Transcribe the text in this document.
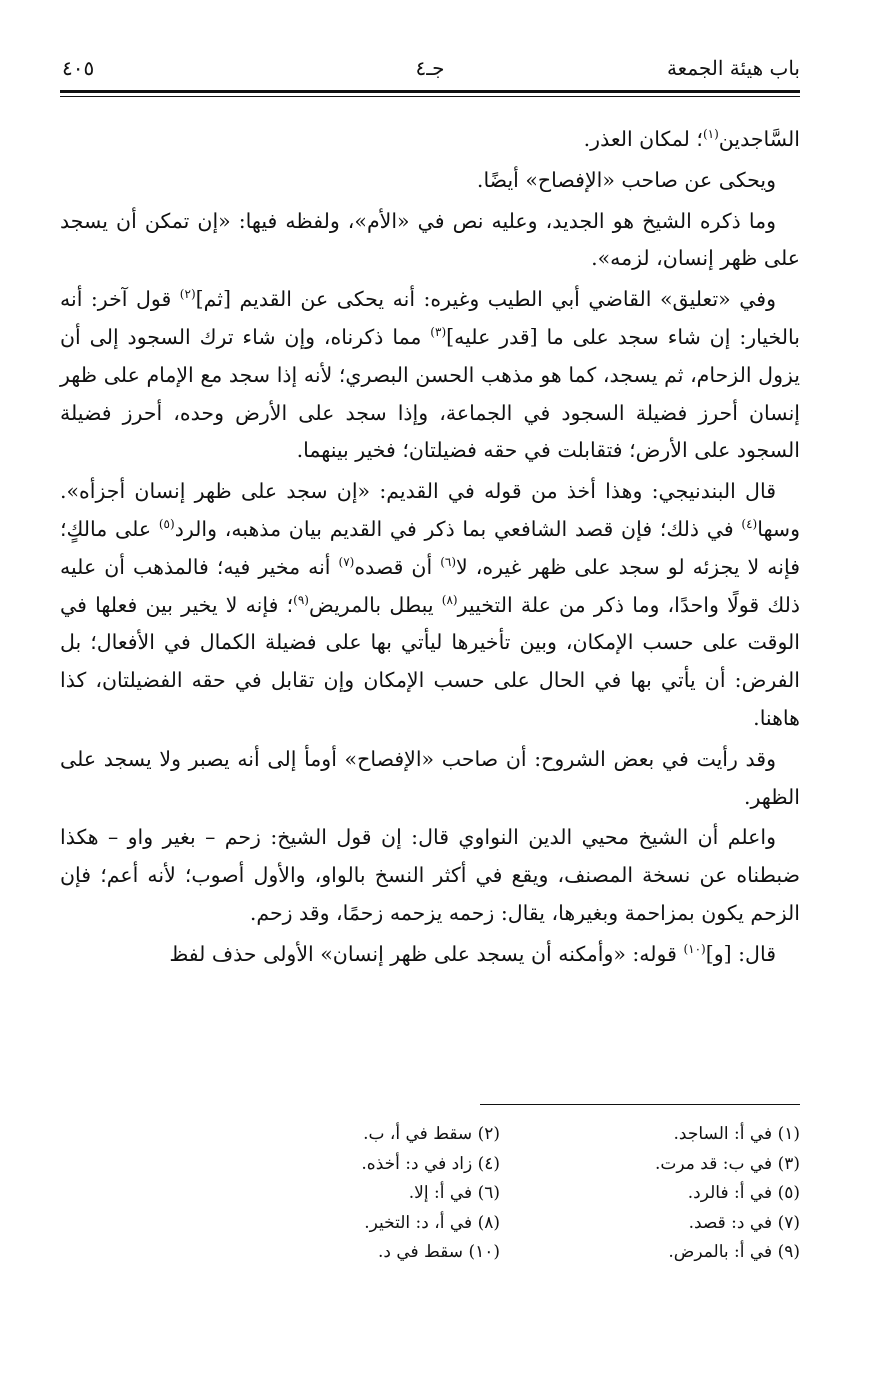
باب هيئة الجمعة
جـ٤
٤٠٥

السَّاجدين$^{(١)}$؛ لمكان العذر.

ويحكى عن صاحب «الإفصاح» أيضًا.

وما ذكره الشيخ هو الجديد، وعليه نص في «الأم»، ولفظه فيها: «إن تمكن أن يسجد على ظهر إنسان، لزمه».

وفي «تعليق» القاضي أبي الطيب وغيره: أنه يحكى عن القديم [ثم]$^{(٢)}$ قول آخر: أنه بالخيار: إن شاء سجد على ما [قدر عليه]$^{(٣)}$ مما ذكرناه، وإن شاء ترك السجود إلى أن يزول الزحام، ثم يسجد، كما هو مذهب الحسن البصري؛ لأنه إذا سجد مع الإمام على ظهر إنسان أحرز فضيلة السجود في الجماعة، وإذا سجد على الأرض وحده، أحرز فضيلة السجود على الأرض؛ فتقابلت في حقه فضيلتان؛ فخير بينهما.

قال البندنيجي: وهذا أخذ من قوله في القديم: «إن سجد على ظهر إنسان أجزأه». وسها$^{(٤)}$ في ذلك؛ فإن قصد الشافعي بما ذكر في القديم بيان مذهبه، والرد$^{(٥)}$ على مالكٍ؛ فإنه لا يجزئه لو سجد على ظهر غيره، لا$^{(٦)}$ أن قصده$^{(٧)}$ أنه مخير فيه؛ فالمذهب أن عليه ذلك قولًا واحدًا، وما ذكر من علة التخيير$^{(٨)}$ يبطل بالمريض$^{(٩)}$؛ فإنه لا يخير بين فعلها في الوقت على حسب الإمكان، وبين تأخيرها ليأتي بها على فضيلة الكمال في الأفعال؛ بل الفرض: أن يأتي بها في الحال على حسب الإمكان وإن تقابل في حقه الفضيلتان، كذا هاهنا.

وقد رأيت في بعض الشروح: أن صاحب «الإفصاح» أومأ إلى أنه يصبر ولا يسجد على الظهر.

واعلم أن الشيخ محيي الدين النواوي قال: إن قول الشيخ: زحم – بغير واو – هكذا ضبطناه عن نسخة المصنف، ويقع في أكثر النسخ بالواو، والأول أصوب؛ لأنه أعم؛ فإن الزحم يكون بمزاحمة وبغيرها، يقال: زحمه يزحمه زحمًا، وقد زحم.

قال: [و]$^{(١٠)}$ قوله: «وأمكنه أن يسجد على ظهر إنسان» الأولى حذف لفظ

(١) في أ: الساجد.
(٢) سقط في أ، ب.
(٣) في ب: قد مرت.
(٤) زاد في د: أخذه.
(٥) في أ: فالرد.
(٦) في أ: إلا.
(٧) في د: قصد.
(٨) في أ، د: التخير.
(٩) في أ: بالمرض.
(١٠) سقط في د.
